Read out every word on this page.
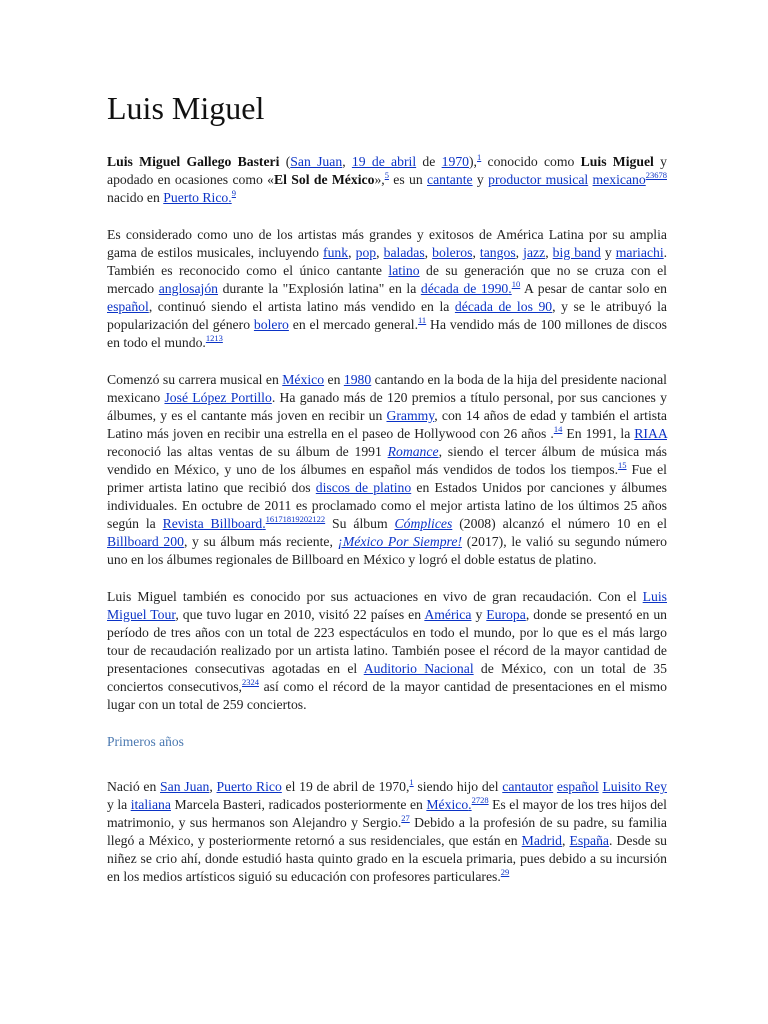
Luis Miguel

Luis Miguel Gallego Basteri (San Juan, 19 de abril de 1970),$^1$ conocido como Luis Miguel y apodado en ocasiones como «El Sol de México»,$^5$ es un cantante y productor musical mexicano$^{23678}$ nacido en Puerto Rico.$^9$

Es considerado como uno de los artistas más grandes y exitosos de América Latina por su amplia gama de estilos musicales, incluyendo funk, pop, baladas, boleros, tangos, jazz, big band y mariachi. También es reconocido como el único cantante latino de su generación que no se cruza con el mercado anglosajón durante la "Explosión latina" en la década de 1990.10 A pesar de cantar solo en español, continuó siendo el artista latino más vendido en la década de los 90, y se le atribuyó la popularización del género bolero en el mercado general.$^{11}$ Ha vendido más de 100 millones de discos en todo el mundo.$^{1213}$

Comenzó su carrera musical en México en 1980 cantando en la boda de la hija del presidente nacional mexicano José López Portillo. Ha ganado más de 120 premios a título personal, por sus canciones y álbumes, y es el cantante más joven en recibir un Grammy, con 14 años de edad y también el artista Latino más joven en recibir una estrella en el paseo de Hollywood con 26 años .$^{14}$ En 1991, la RIAA reconoció las altas ventas de su álbum de 1991 Romance, siendo el tercer álbum de música más vendido en México, y uno de los álbumes en español más vendidos de todos los tiempos.$^{15}$ Fue el primer artista latino que recibió dos discos de platino en Estados Unidos por canciones y álbumes individuales. En octubre de 2011 es proclamado como el mejor artista latino de los últimos 25 años según la Revista Billboard.$^{16171819202122}$ Su álbum Cómplices (2008) alcanzó el número 10 en el Billboard 200, y su álbum más reciente, ¡México Por Siempre! (2017), le valió su segundo número uno en los álbumes regionales de Billboard en México y logró el doble estatus de platino.

Luis Miguel también es conocido por sus actuaciones en vivo de gran recaudación. Con el Luis Miguel Tour, que tuvo lugar en 2010, visitó 22 países en América y Europa, donde se presentó en un período de tres años con un total de 223 espectáculos en todo el mundo, por lo que es el más largo tour de recaudación realizado por un artista latino. También posee el récord de la mayor cantidad de presentaciones consecutivas agotadas en el Auditorio Nacional de México, con un total de 35 conciertos consecutivos,$^{2324}$ así como el récord de la mayor cantidad de presentaciones en el mismo lugar con un total de 259 conciertos.

Primeros años

Nació en San Juan, Puerto Rico el 19 de abril de 1970,$^1$ siendo hijo del cantautor español Luisito Rey y la italiana Marcela Basteri, radicados posteriormente en México.$^{2728}$ Es el mayor de los tres hijos del matrimonio, y sus hermanos son Alejandro y Sergio.$^{27}$ Debido a la profesión de su padre, su familia llegó a México, y posteriormente retornó a sus residenciales, que están en Madrid, España. Desde su niñez se crio ahí, donde estudió hasta quinto grado en la escuela primaria, pues debido a su incursión en los medios artísticos siguió su educación con profesores particulares.$^{29}$
